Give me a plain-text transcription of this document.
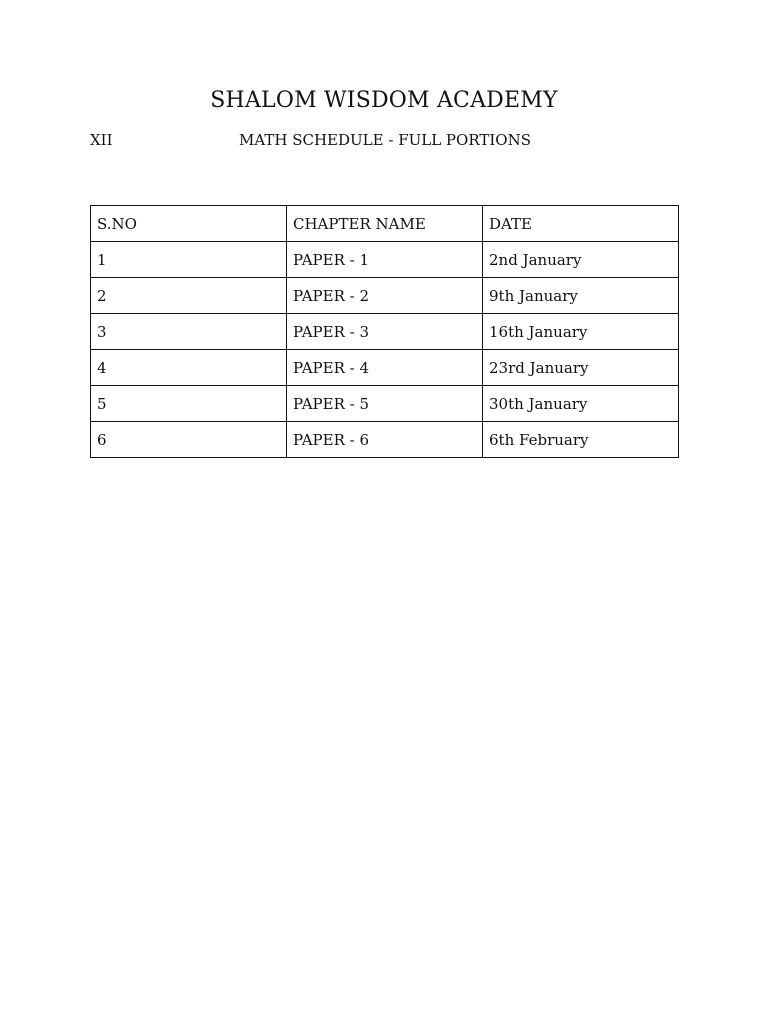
SHALOM WISDOM ACADEMY
XII	MATH SCHEDULE - FULL PORTIONS
S.NO	CHAPTER NAME	DATE
1	PAPER - 1	2nd January
2	PAPER - 2	9th January
3	PAPER - 3	16th January
4	PAPER - 4	23rd January
5	PAPER - 5	30th January
6	PAPER - 6	6th February
